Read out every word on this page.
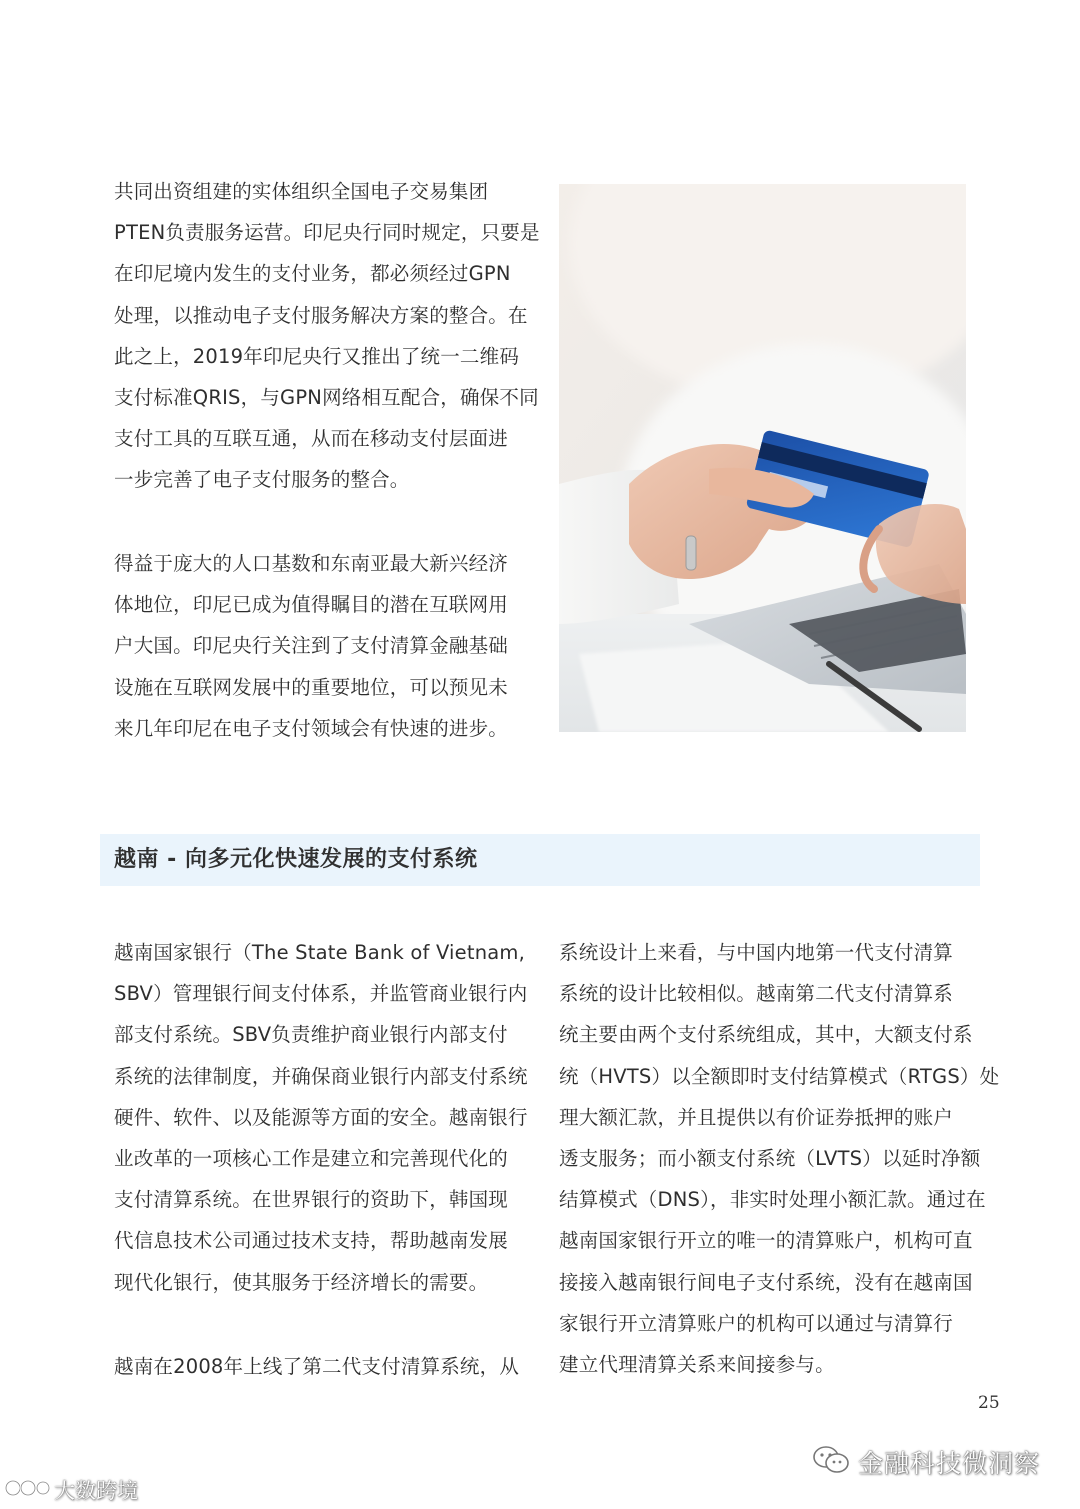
共同出资组建的实体组织全国电子交易集团
PTEN负责服务运营。印尼央行同时规定，只要是
在印尼境内发生的支付业务，都必须经过GPN
处理，以推动电子支付服务解决方案的整合。在
此之上，2019年印尼央行又推出了统一二维码
支付标准QRIS，与GPN网络相互配合，确保不同
支付工具的互联互通，从而在移动支付层面进
一步完善了电子支付服务的整合。
得益于庞大的人口基数和东南亚最大新兴经济
体地位，印尼已成为值得瞩目的潜在互联网用
户大国。印尼央行关注到了支付清算金融基础
设施在互联网发展中的重要地位，可以预见未
来几年印尼在电子支付领域会有快速的进步。
越南 - 向多元化快速发展的支付系统
越南国家银行（The State Bank of Vietnam,
SBV）管理银行间支付体系，并监管商业银行内
部支付系统。SBV负责维护商业银行内部支付
系统的法律制度，并确保商业银行内部支付系统
硬件、软件、以及能源等方面的安全。越南银行
业改革的一项核心工作是建立和完善现代化的
支付清算系统。在世界银行的资助下，韩国现
代信息技术公司通过技术支持，帮助越南发展
现代化银行，使其服务于经济增长的需要。
越南在2008年上线了第二代支付清算系统，从
系统设计上来看，与中国内地第一代支付清算
系统的设计比较相似。越南第二代支付清算系
统主要由两个支付系统组成，其中，大额支付系
统（HVTS）以全额即时支付结算模式（RTGS）处
理大额汇款，并且提供以有价证券抵押的账户
透支服务；而小额支付系统（LVTS）以延时净额
结算模式（DNS），非实时处理小额汇款。通过在
越南国家银行开立的唯一的清算账户，机构可直
接接入越南银行间电子支付系统，没有在越南国
家银行开立清算账户的机构可以通过与清算行
建立代理清算关系来间接参与。
25
金融科技微洞察
大数跨境
